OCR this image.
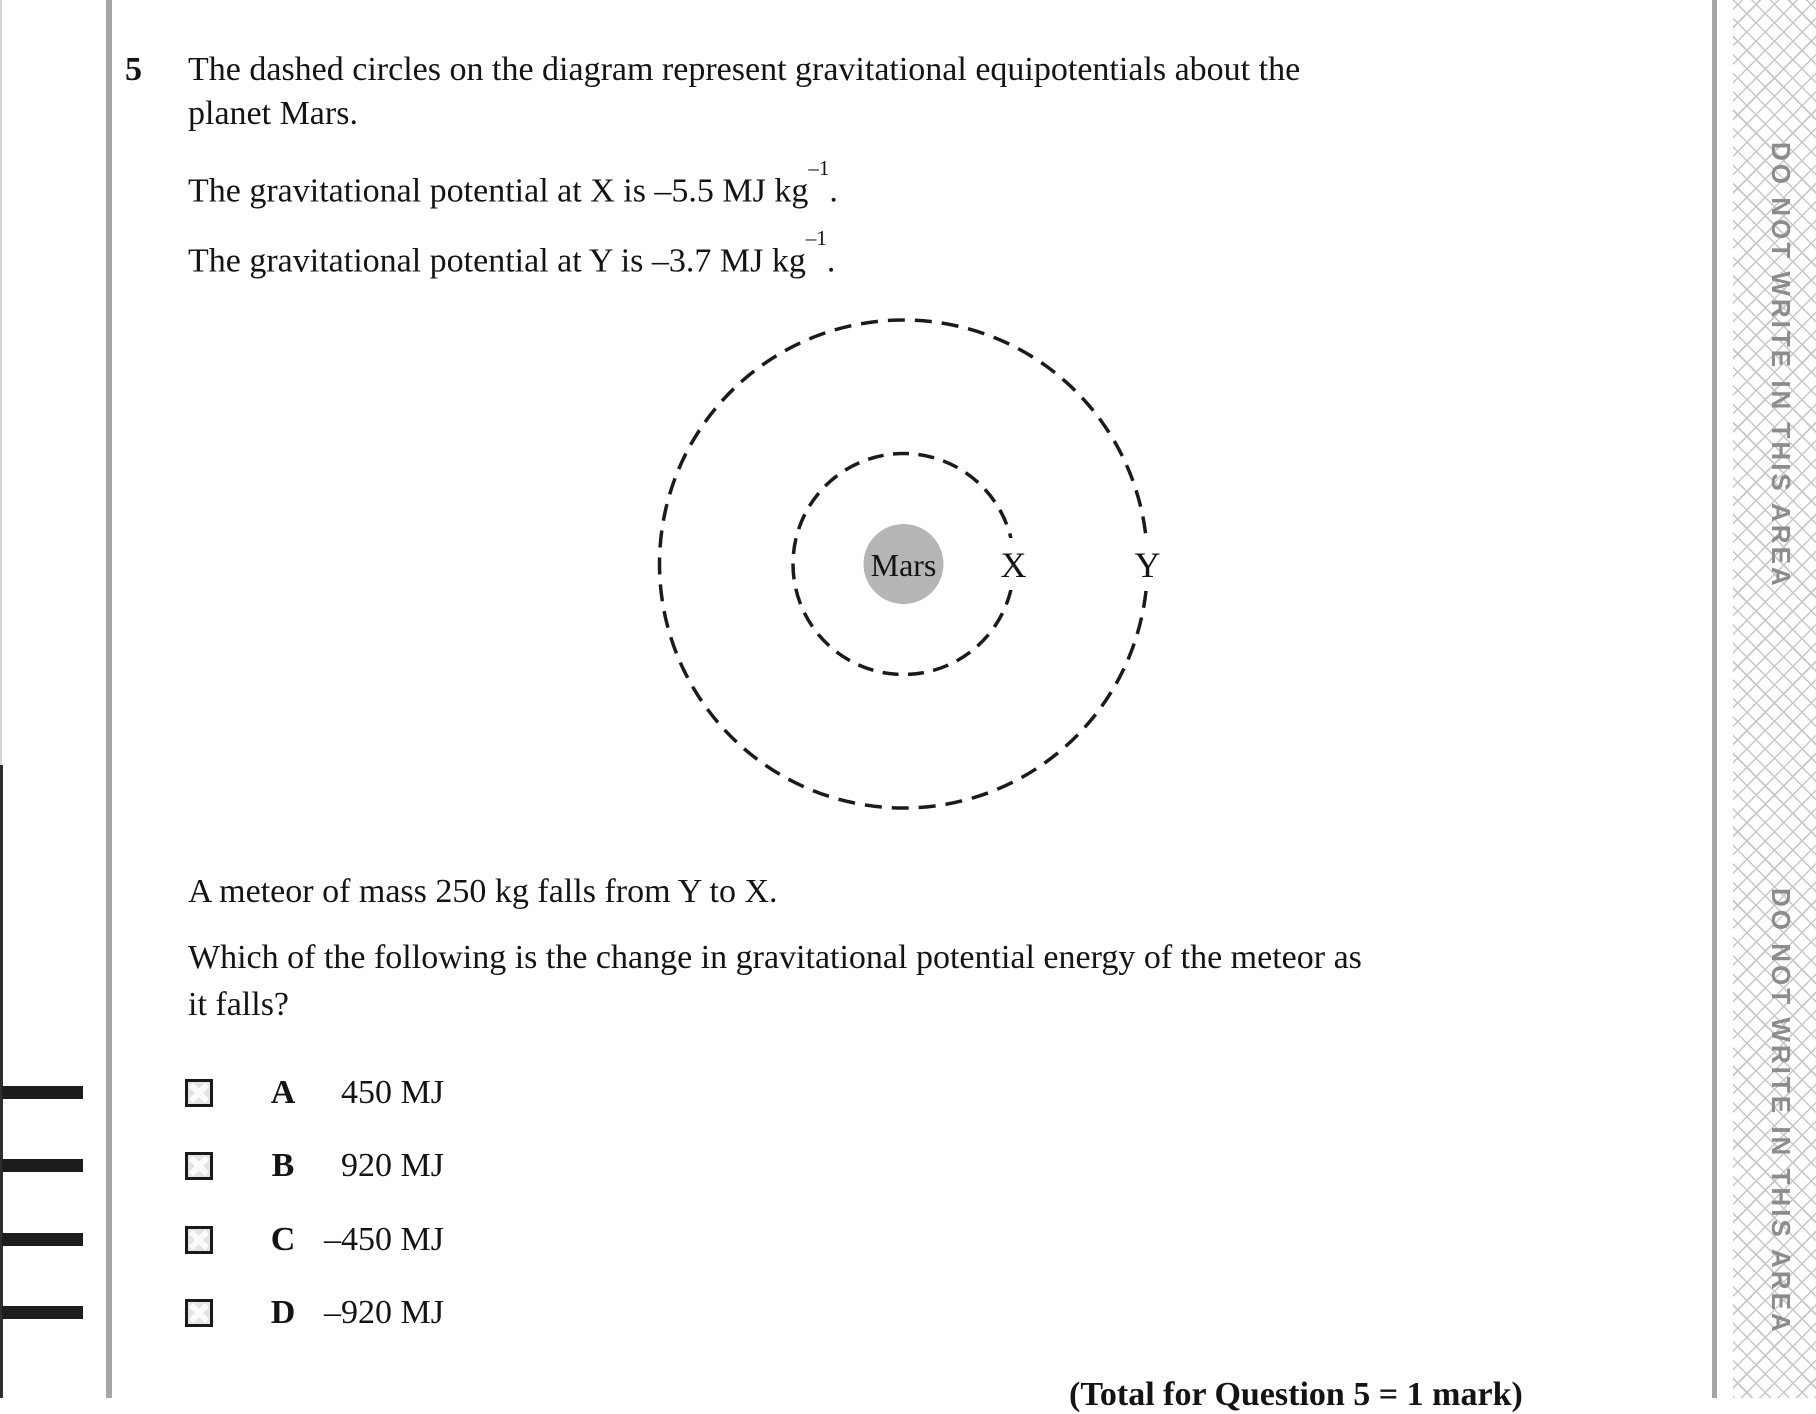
DO NOT WRITE IN THIS AREA
DO NOT WRITE IN THIS AREA
5 The dashed circles on the diagram represent gravitational equipotentials about the
planet Mars.
The gravitational potential at X is –5.5 MJ $kg^{-1}$.
The gravitational potential at Y is –3.7 MJ $kg^{-1}$.
Mars X	Y
A meteor of mass 250 kg falls from Y to X.
Which of the following is the change in gravitational potential energy of the meteor as
it falls?
A 450 MJ
B 920 MJ
C – 450 MJ
D – 920 MJ
(Total for Question 5 = 1 mark)
